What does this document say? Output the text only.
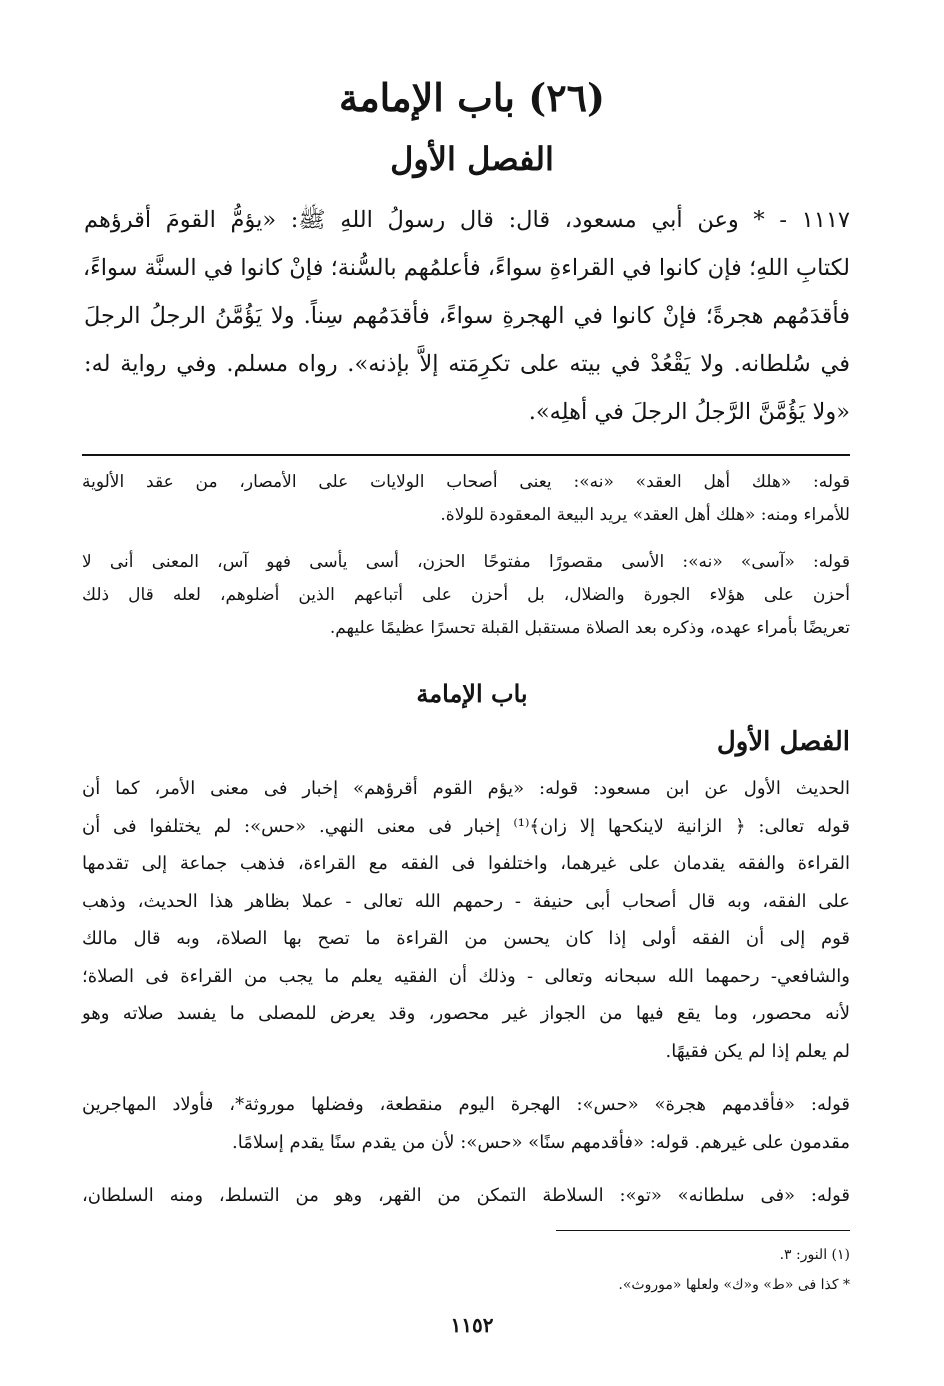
(٢٦) باب الإمامة
الفصل الأول
١١١٧ - * وعن أبي مسعود، قال: قال رسولُ اللهِ ﷺ: «يؤمُّ القومَ أقرؤهم
لكتابِ اللهِ؛ فإن كانوا في القراءةِ سواءً، فأعلمُهم بالسُّنة؛ فإنْ كانوا في السنَّة سواءً،
فأقدَمُهم هجرةً؛ فإنْ كانوا في الهجرةِ سواءً، فأقدَمُهم سِناً. ولا يَؤُمَّنُ الرجلُ الرجلَ
في سُلطانه. ولا يَقْعُدْ في بيته على تكرِمَته إلاَّ بإذنه». رواه مسلم. وفي رواية له:
«ولا يَؤُمَّنَّ الرَّجلُ الرجلَ في أهلِه».
قوله: «هلك أهل العقد» «نه»: يعنى أصحاب الولايات على الأمصار، من عقد الألوية
للأمراء ومنه: «هلك أهل العقد» يريد البيعة المعقودة للولاة.
قوله: «آسى» «نه»: الأسى مقصورًا مفتوحًا الحزن، أسى يأسى فهو آس، المعنى أنى لا
أحزن على هؤلاء الجورة والضلال، بل أحزن على أتباعهم الذين أضلوهم، لعله قال ذلك
تعريضًا بأمراء عهده، وذكره بعد الصلاة مستقبل القبلة تحسرًا عظيمًا عليهم.
باب الإمامة
الفصل الأول
الحديث الأول عن ابن مسعود: قوله: «يؤم القوم أقرؤهم» إخبار فى معنى الأمر، كما أن
قوله تعالى: ﴿ الزانية لاينكحها إلا زان﴾⁽¹⁾ إخبار فى معنى النهي. «حس»: لم يختلفوا فى أن
القراءة والفقه يقدمان على غيرهما، واختلفوا فى الفقه مع القراءة، فذهب جماعة إلى تقدمها
على الفقه، وبه قال أصحاب أبى حنيفة - رحمهم الله تعالى - عملا بظاهر هذا الحديث، وذهب
قوم إلى أن الفقه أولى إذا كان يحسن من القراءة ما تصح بها الصلاة، وبه قال مالك
والشافعي- رحمهما الله سبحانه وتعالى - وذلك أن الفقيه يعلم ما يجب من القراءة فى الصلاة؛
لأنه محصور، وما يقع فيها من الجواز غير محصور، وقد يعرض للمصلى ما يفسد صلاته وهو
لم يعلم إذا لم يكن فقيهًا.
قوله: «فأقدمهم هجرة» «حس»: الهجرة اليوم منقطعة، وفضلها موروثة*، فأولاد المهاجرين
مقدمون على غيرهم. قوله: «فأقدمهم سنًا» «حس»: لأن من يقدم سنًا يقدم إسلامًا.
قوله: «فى سلطانه» «تو»: السلاطة التمكن من القهر، وهو من التسلط، ومنه السلطان،
(١) النور: ٣.
* كذا فى «ط» و«ك» ولعلها «موروث».
١١٥٢
